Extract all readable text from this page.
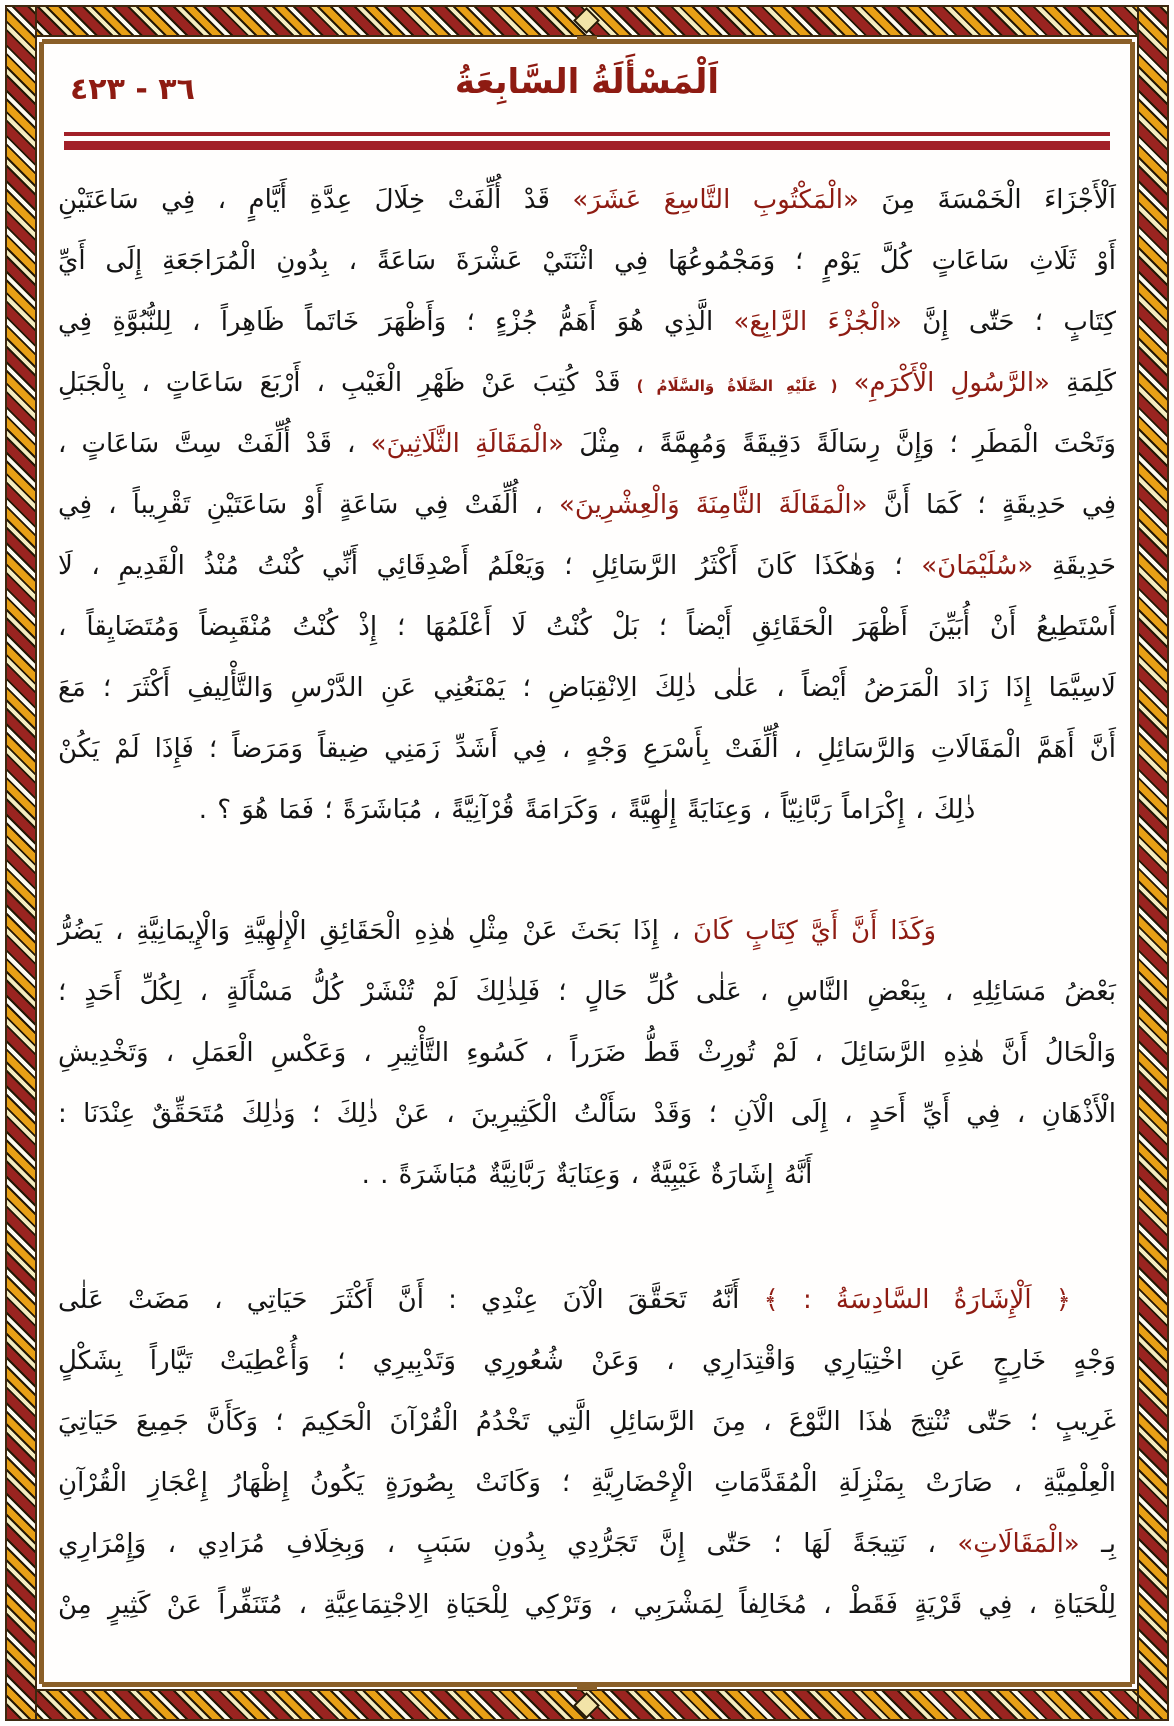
٣٦ - ٤٢٣	اَلْمَسْأَلَةُ السَّابِعَةُ
اَلْأَجْزَاءَ الْخَمْسَةَ مِنَ «الْمَكْتُوبِ التَّاسِعَ عَشَرَ» قَدْ أُلِّفَتْ خِلَالَ عِدَّةِ أَيَّامٍ ، فِي سَاعَتَيْنِ
أَوْ ثَلَاثِ سَاعَاتٍ كُلَّ يَوْمٍ ؛ وَمَجْمُوعُهَا فِي اثْنَتَيْ عَشْرَةَ سَاعَةً ، بِدُونِ الْمُرَاجَعَةِ إِلَى أَيِّ
كِتَابٍ ؛ حَتّٰى إِنَّ «الْجُزْءَ الرَّابِعَ» الَّذِي هُوَ أَهَمُّ جُزْءٍ ؛ وَأَظْهَرَ خَاتَماً ظَاهِراً ، لِلنُّبُوَّةِ فِي
كَلِمَةِ «الرَّسُولِ الْأَكْرَمِ» ( عَلَيْهِ الصَّلَاةُ وَالسَّلَامُ ) قَدْ كُتِبَ عَنْ ظَهْرِ الْغَيْبِ ، أَرْبَعَ سَاعَاتٍ ، بِالْجَبَلِ
وَتَحْتَ الْمَطَرِ ؛ وَإِنَّ رِسَالَةً دَقِيقَةً وَمُهِمَّةً ، مِثْلَ «الْمَقَالَةِ الثَّلَاثِينَ» ، قَدْ أُلِّفَتْ سِتَّ سَاعَاتٍ ،
فِي حَدِيقَةٍ ؛ كَمَا أَنَّ «الْمَقَالَةَ الثَّامِنَةَ وَالْعِشْرِينَ» ، أُلِّفَتْ فِي سَاعَةٍ أَوْ سَاعَتَيْنِ تَقْرِيباً ، فِي
حَدِيقَةِ «سُلَيْمَانَ» ؛ وَهٰكَذَا كَانَ أَكْثَرُ الرَّسَائِلِ ؛ وَيَعْلَمُ أَصْدِقَائِي أَنِّي كُنْتُ مُنْذُ الْقَدِيمِ ، لَا
أَسْتَطِيعُ أَنْ أُبَيِّنَ أَظْهَرَ الْحَقَائِقِ أَيْضاً ؛ بَلْ كُنْتُ لَا أَعْلَمُهَا ؛ إِذْ كُنْتُ مُنْقَبِضاً وَمُتَضَايِقاً ،
لَاسِيَّمَا إِذَا زَادَ الْمَرَضُ أَيْضاً ، عَلٰى ذٰلِكَ الِانْقِبَاضِ ؛ يَمْنَعُنِي عَنِ الدَّرْسِ وَالتَّأْلِيفِ أَكْثَرَ ؛ مَعَ
أَنَّ أَهَمَّ الْمَقَالَاتِ وَالرَّسَائِلِ ، أُلِّفَتْ بِأَسْرَعِ وَجْهٍ ، فِي أَشَدِّ زَمَنِي ضِيقاً وَمَرَضاً ؛ فَإِذَا لَمْ يَكُنْ
ذٰلِكَ ، إِكْرَاماً رَبَّانِيّاً ، وَعِنَايَةً إِلٰهِيَّةً ، وَكَرَامَةً قُرْآنِيَّةً ، مُبَاشَرَةً ؛ فَمَا هُوَ ؟ .
وَكَذَا أَنَّ أَيَّ كِتَابٍ كَانَ ، إِذَا بَحَثَ عَنْ مِثْلِ هٰذِهِ الْحَقَائِقِ الْإِلٰهِيَّةِ وَالْإِيمَانِيَّةِ ، يَضُرُّ
بَعْضُ مَسَائِلِهِ ، بِبَعْضِ النَّاسِ ، عَلٰى كُلِّ حَالٍ ؛ فَلِذٰلِكَ لَمْ تُنْشَرْ كُلُّ مَسْأَلَةٍ ، لِكُلِّ أَحَدٍ ؛
وَالْحَالُ أَنَّ هٰذِهِ الرَّسَائِلَ ، لَمْ تُورِثْ قَطُّ ضَرَراً ، كَسُوءِ التَّأْثِيرِ ، وَعَكْسِ الْعَمَلِ ، وَتَخْدِيشِ
الْأَذْهَانِ ، فِي أَيِّ أَحَدٍ ، إِلَى الْآنِ ؛ وَقَدْ سَأَلْتُ الْكَثِيرِينَ ، عَنْ ذٰلِكَ ؛ وَذٰلِكَ مُتَحَقِّقٌ عِنْدَنَا :
أَنَّهُ إِشَارَةٌ غَيْبِيَّةٌ ، وَعِنَايَةٌ رَبَّانِيَّةٌ مُبَاشَرَةً . .
﴿ اَلْإِشَارَةُ السَّادِسَةُ : ﴾ أَنَّهُ تَحَقَّقَ الْآنَ عِنْدِي : أَنَّ أَكْثَرَ حَيَاتِي ، مَضَتْ عَلٰى
وَجْهٍ خَارِجٍ عَنِ اخْتِيَارِي وَاقْتِدَارِي ، وَعَنْ شُعُورِي وَتَدْبِيرِي ؛ وَأُعْطِيَتْ تَيَّاراً بِشَكْلٍ
غَرِيبٍ ؛ حَتّٰى تُنْتِجَ هٰذَا النَّوْعَ ، مِنَ الرَّسَائِلِ الَّتِي تَخْدُمُ الْقُرْآنَ الْحَكِيمَ ؛ وَكَأَنَّ جَمِيعَ حَيَاتِيَ
الْعِلْمِيَّةِ ، صَارَتْ بِمَنْزِلَةِ الْمُقَدَّمَاتِ الْإِحْضَارِيَّةِ ؛ وَكَانَتْ بِصُورَةٍ يَكُونُ إِظْهَارُ إِعْجَازِ الْقُرْآنِ
بِـ «الْمَقَالَاتِ» ، نَتِيجَةً لَهَا ؛ حَتّٰى إِنَّ تَجَرُّدِي بِدُونِ سَبَبٍ ، وَبِخِلَافِ مُرَادِي ، وَإِمْرَارِي
لِلْحَيَاةِ ، فِي قَرْيَةٍ فَقَطْ ، مُخَالِفاً لِمَشْرَبِي ، وَتَرْكِي لِلْحَيَاةِ الِاجْتِمَاعِيَّةِ ، مُتَنَفِّراً عَنْ كَثِيرٍ مِنْ
